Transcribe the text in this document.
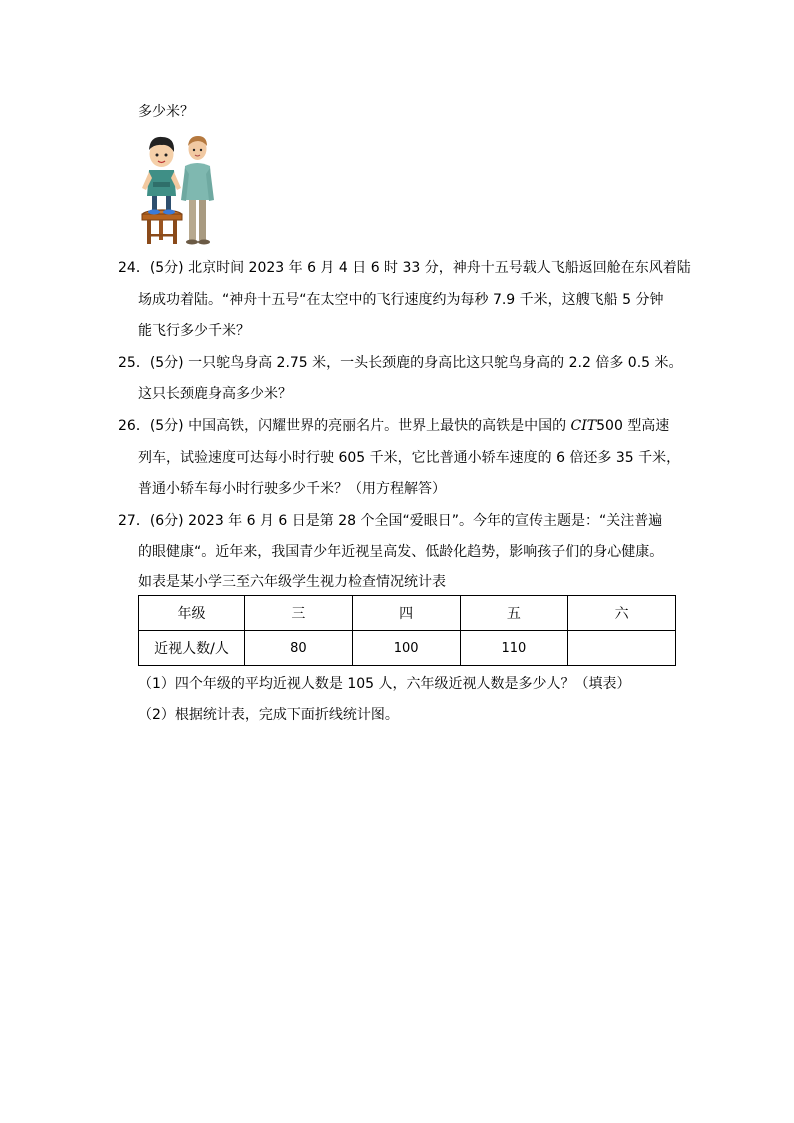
多少米？
24．(5分) 北京时间 2023 年 6 月 4 日 6 时 33 分，神舟十五号载人飞船返回舱在东风着陆
场成功着陆。“神舟十五号“在太空中的飞行速度约为每秒 7.9 千米，这艘飞船 5 分钟
能飞行多少千米？
25．(5分) 一只鸵鸟身高 2.75 米，一头长颈鹿的身高比这只鸵鸟身高的 2.2 倍多 0.5 米。
这只长颈鹿身高多少米？
26．(5分) 中国高铁，闪耀世界的亮丽名片。世界上最快的高铁是中国的 CIT500 型高速
列车，试验速度可达每小时行驶 605 千米，它比普通小轿车速度的 6 倍还多 35 千米，
普通小轿车每小时行驶多少千米？（用方程解答）
27．(6分) 2023 年 6 月 6 日是第 28 个全国“爱眼日”。今年的宣传主题是：“关注普遍
的眼健康“。近年来，我国青少年近视呈高发、低龄化趋势，影响孩子们的身心健康。
如表是某小学三至六年级学生视力检查情况统计表
年级	三	四	五	六
近视人数/人	80	100	110	
（1）四个年级的平均近视人数是 105 人，六年级近视人数是多少人？（填表）
（2）根据统计表，完成下面折线统计图。
